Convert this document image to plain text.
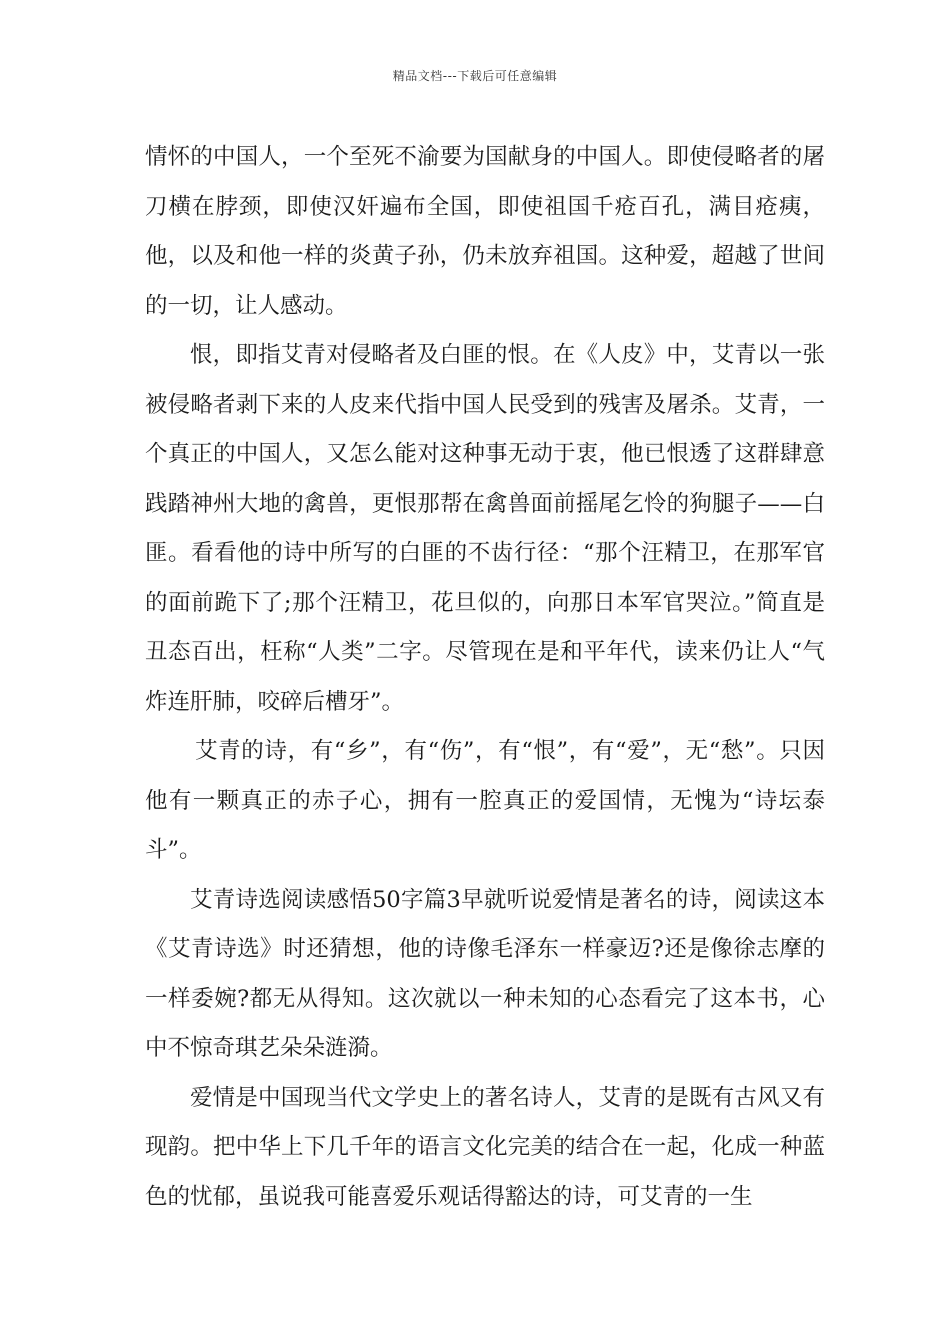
精品文档---下载后可任意编辑

情怀的中国人，一个至死不渝要为国献身的中国人。即使侵略者的屠刀横在脖颈，即使汉奸遍布全国，即使祖国千疮百孔，满目疮痍，他，以及和他一样的炎黄子孙，仍未放弃祖国。这种爱，超越了世间的一切，让人感动。

恨，即指艾青对侵略者及白匪的恨。在《人皮》中，艾青以一张被侵略者剥下来的人皮来代指中国人民受到的残害及屠杀。艾青，一个真正的中国人，又怎么能对这种事无动于衷，他已恨透了这群肆意践踏神州大地的禽兽，更恨那帮在禽兽面前摇尾乞怜的狗腿子——白匪。看看他的诗中所写的白匪的不齿行径：“那个汪精卫，在那军官的面前跪下了;那个汪精卫，花旦似的，向那日本军官哭泣。”简直是丑态百出，枉称“人类”二字。尽管现在是和平年代，读来仍让人“气炸连肝肺，咬碎后槽牙”。

艾青的诗，有“乡”，有“伤”，有“恨”，有“爱”，无“愁”。只因他有一颗真正的赤子心，拥有一腔真正的爱国情，无愧为“诗坛泰斗”。

艾青诗选阅读感悟50字篇3早就听说爱情是著名的诗，阅读这本《艾青诗选》时还猜想，他的诗像毛泽东一样豪迈?还是像徐志摩的一样委婉?都无从得知。这次就以一种未知的心态看完了这本书，心中不惊奇琪艺朵朵涟漪。

爱情是中国现当代文学史上的著名诗人，艾青的是既有古风又有现韵。把中华上下几千年的语言文化完美的结合在一起，化成一种蓝色的忧郁，虽说我可能喜爱乐观话得豁达的诗，可艾青的一生
